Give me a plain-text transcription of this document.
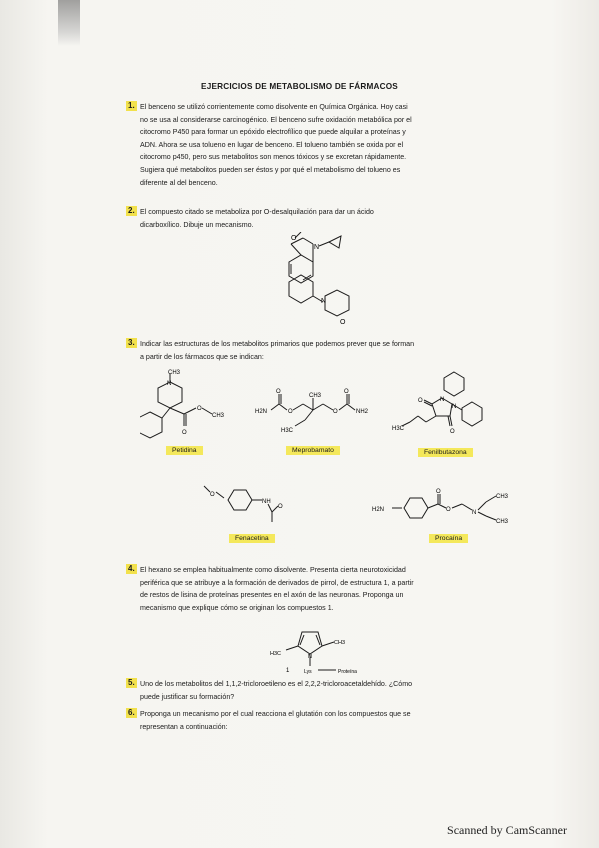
EJERCICIOS DE METABOLISMO DE FÁRMACOS
1. El benceno se utilizó corrientemente como disolvente en Química Orgánica. Hoy casi
no se usa al considerarse carcinogénico. El benceno sufre oxidación metabólica por el
citocromo P450 para formar un epóxido electrofílico que puede alquilar a proteínas y
ADN. Ahora se usa tolueno en lugar de benceno. El tolueno también se oxida por el
citocromo p450, pero sus metabolitos son menos tóxicos y se excretan rápidamente.
Sugiera qué metabolitos pueden ser éstos y por qué el metabolismo del tolueno es
diferente al del benceno.
2. El compuesto citado se metaboliza por O-desalquilación para dar un ácido
dicarboxílico. Dibuje un mecanismo.
O
N
N
O
3. Indicar las estructuras de los metabolitos primarios que podemos prever que se forman
a partir de los fármacos que se indican:
CH3
N
O
O
CH3
Petidina
H2N
O
O
CH3
O
O
NH2
H3C
Meprobamato
N
N
O
O
H3C
Fenilbutazona
O
NH
O
Fenacetina
H2N
O
O	N
CH3
CH3
Procaína
4. El hexano se emplea habitualmente como disolvente. Presenta cierta neurotoxicidad
periférica que se atribuye a la formación de derivados de pirrol, de estructura 1, a partir
de restos de lisina de proteínas presentes en el axón de las neuronas. Proponga un
mecanismo que explique cómo se originan los compuestos 1.
H3C	N
CH3
1	Lys	Proteína
5. Uno de los metabolitos del 1,1,2-tricloroetileno es el 2,2,2-tricloroacetaldehído. ¿Cómo
puede justificar su formación?
6. Proponga un mecanismo por el cual reacciona el glutatión con los compuestos que se
representan a continuación:
Scanned by CamScanner
